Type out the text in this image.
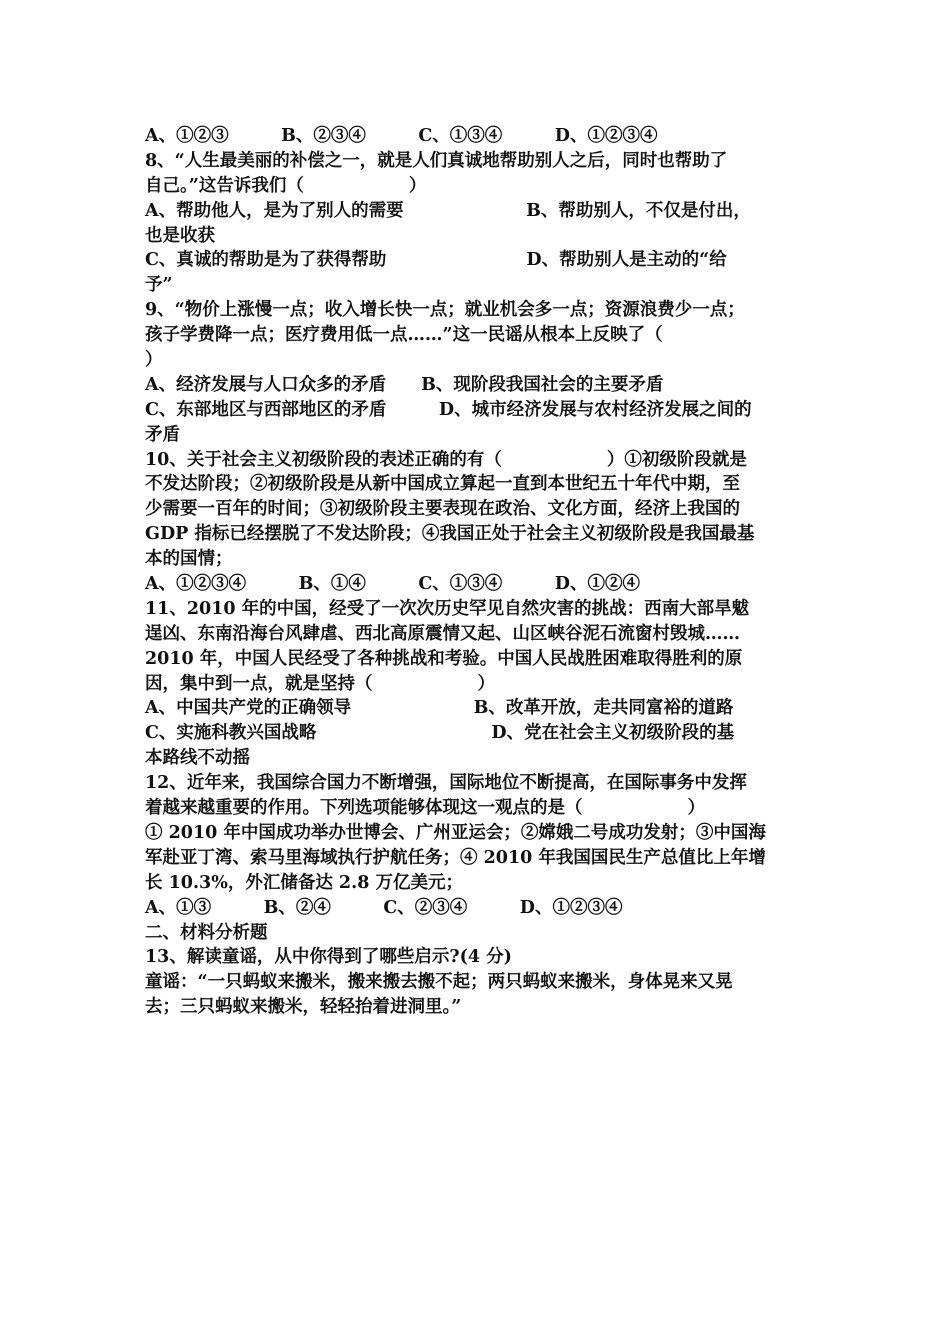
A、①②③　　　B、②③④　　　C、①③④　　　D、①②③④
8、“人生最美丽的补偿之一，就是人们真诚地帮助别人之后，同时也帮助了
自己。”这告诉我们（　　　　　　）
A、帮助他人，是为了别人的需要　　　　　　　B、帮助别人，不仅是付出，
也是收获
C、真诚的帮助是为了获得帮助　　　　　　　　D、帮助别人是主动的“给
予”
9、“物价上涨慢一点；收入增长快一点；就业机会多一点；资源浪费少一点；
孩子学费降一点；医疗费用低一点……”这一民谣从根本上反映了（
）
A、经济发展与人口众多的矛盾　　B、现阶段我国社会的主要矛盾
C、东部地区与西部地区的矛盾　　　D、城市经济发展与农村经济发展之间的
矛盾
10、关于社会主义初级阶段的表述正确的有（　　　　　　）①初级阶段就是
不发达阶段；②初级阶段是从新中国成立算起一直到本世纪五十年代中期，至
少需要一百年的时间；③初级阶段主要表现在政治、文化方面，经济上我国的
GDP 指标已经摆脱了不发达阶段；④我国正处于社会主义初级阶段是我国最基
本的国情；
A、①②③④　　　B、①④　　　C、①③④　　　D、①②④
11、2010 年的中国，经受了一次次历史罕见自然灾害的挑战：西南大部旱魃
逞凶、东南沿海台风肆虐、西北高原震情又起、山区峡谷泥石流窗村毁城……
2010 年，中国人民经受了各种挑战和考验。中国人民战胜困难取得胜利的原
因，集中到一点，就是坚持（　　　　　　）
A、中国共产党的正确领导　　　　　　　B、改革开放，走共同富裕的道路
C、实施科教兴国战略　　　　　　　　　　D、党在社会主义初级阶段的基
本路线不动摇
12、近年来，我国综合国力不断增强，国际地位不断提高，在国际事务中发挥
着越来越重要的作用。下列选项能够体现这一观点的是（　　　　　　）
① 2010 年中国成功举办世博会、广州亚运会；②嫦娥二号成功发射；③中国海
军赴亚丁湾、索马里海域执行护航任务；④ 2010 年我国国民生产总值比上年增
长 10.3%，外汇储备达 2.8 万亿美元；
A、①③　　　B、②④　　　C、②③④　　　D、①②③④
二、材料分析题
13、解读童谣，从中你得到了哪些启示?(4 分)
童谣：“一只蚂蚁来搬米，搬来搬去搬不起；两只蚂蚁来搬米，身体晃来又晃
去；三只蚂蚁来搬米，轻轻抬着进洞里。”
